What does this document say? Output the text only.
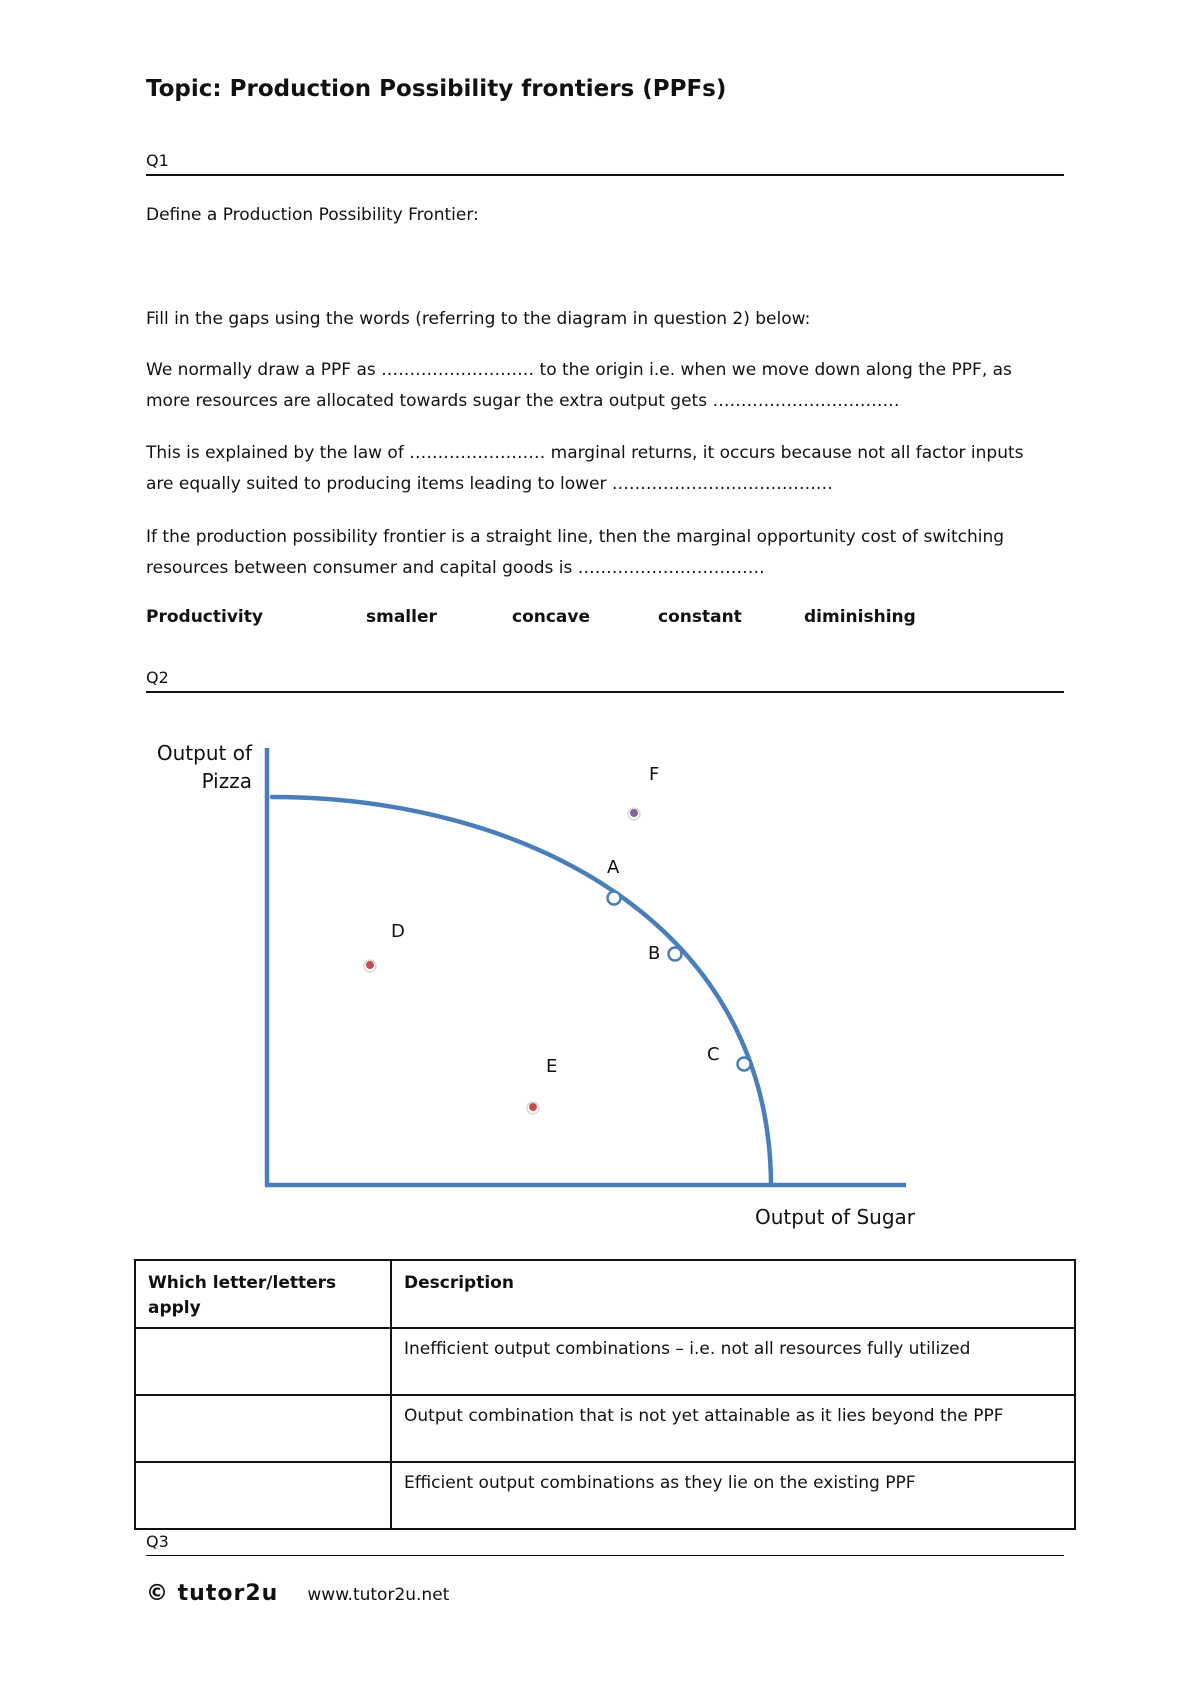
Topic: Production Possibility frontiers (PPFs)
Q1
Define a Production Possibility Frontier:
Fill in the gaps using the words (referring to the diagram in question 2) below:
We normally draw a PPF as ……………………… to the origin i.e. when we move down along the PPF, as
more resources are allocated towards sugar the extra output gets ……………………………
This is explained by the law of …………………… marginal returns, it occurs because not all factor inputs
are equally suited to producing items leading to lower …………………………………
If the production possibility frontier is a straight line, then the marginal opportunity cost of switching
resources between consumer and capital goods is ……………………………
Productivity	smaller	concave	constant	diminishing
Q2
Output of
Pizza
Output of Sugar
A
B
C
D
E
F
Which letter/letters apply	Description
	Inefficient output combinations – i.e. not all resources fully utilized
	Output combination that is not yet attainable as it lies beyond the PPF
	Efficient output combinations as they lie on the existing PPF
Q3
© tutor2u www.tutor2u.net
